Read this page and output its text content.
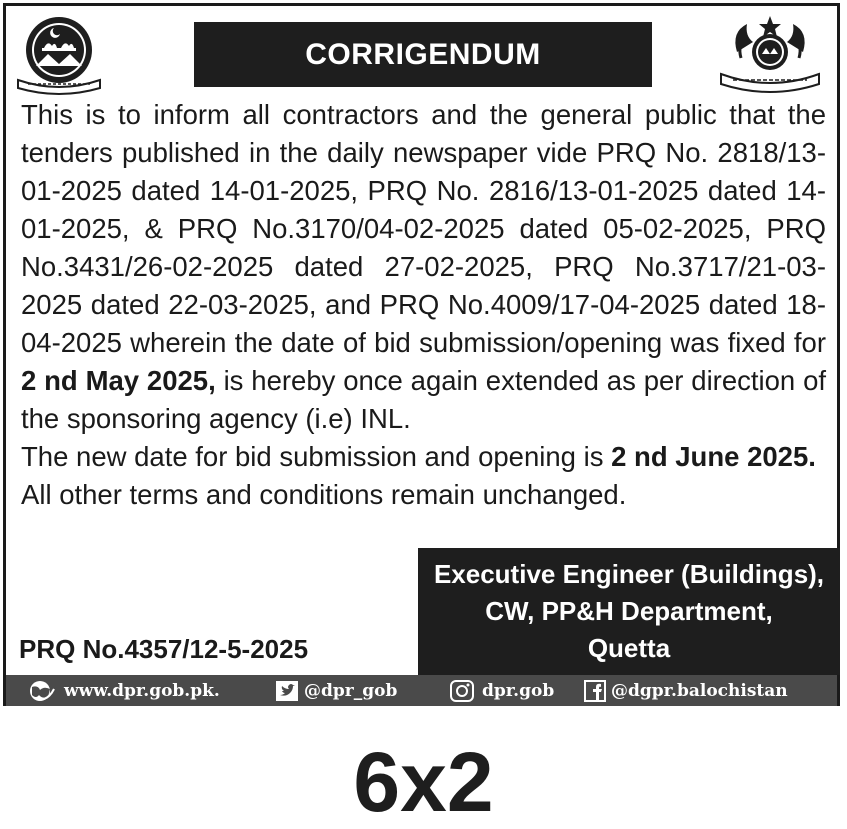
CORRIGENDUM

This is to inform all contractors and the general public that the tenders published in the daily newspaper vide PRQ No. 2818/13-01-2025 dated 14-01-2025, PRQ No. 2816/13-01-2025 dated 14-01-2025, & PRQ No.3170/04-02-2025 dated 05-02-2025, PRQ No.3431/26-02-2025 dated 27-02-2025, PRQ No.3717/21-03-2025 dated 22-03-2025, and PRQ No.4009/17-04-2025 dated 18-04-2025 wherein the date of bid submission/opening was fixed for 2 nd May 2025, is hereby once again extended as per direction of the sponsoring agency (i.e) INL.

The new date for bid submission and opening is 2 nd June 2025.

All other terms and conditions remain unchanged.

Executive Engineer (Buildings),
CW, PP&H Department,
Quetta
PRQ No.4357/12-5-2025
www.dpr.gob.pk.	@dpr_gob	dpr.gob	@dgpr.balochistan
6x2
